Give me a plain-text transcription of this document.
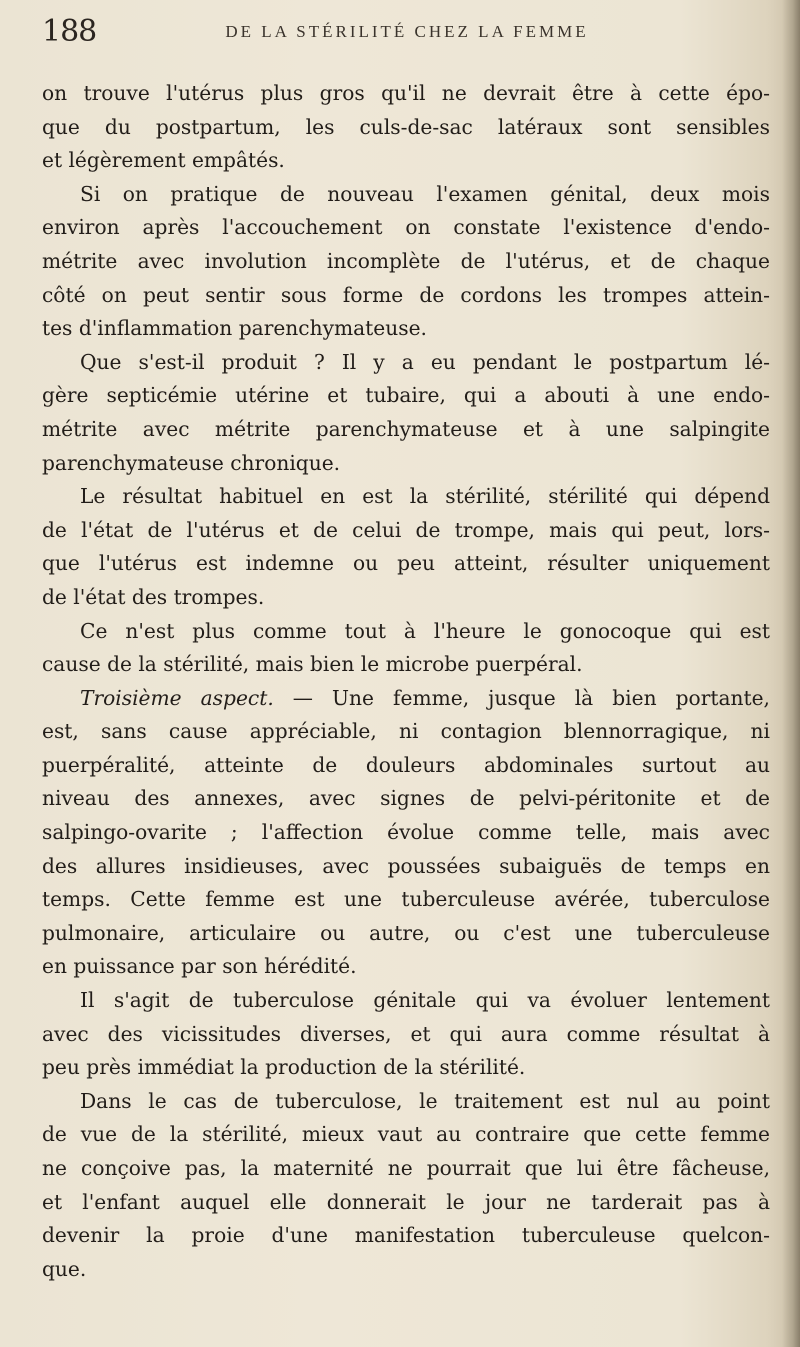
188	DE LA STÉRILITÉ CHEZ LA FEMME
on trouve l'utérus plus gros qu'il ne devrait être à cette épo-
que du postpartum, les culs-de-sac latéraux sont sensibles
et légèrement empâtés.
Si on pratique de nouveau l'examen génital, deux mois
environ après l'accouchement on constate l'existence d'endo-
métrite avec involution incomplète de l'utérus, et de chaque
côté on peut sentir sous forme de cordons les trompes attein-
tes d'inflammation parenchymateuse.
Que s'est-il produit ? Il y a eu pendant le postpartum lé-
gère septicémie utérine et tubaire, qui a abouti à une endo-
métrite avec métrite parenchymateuse et à une salpingite
parenchymateuse chronique.
Le résultat habituel en est la stérilité, stérilité qui dépend
de l'état de l'utérus et de celui de trompe, mais qui peut, lors-
que l'utérus est indemne ou peu atteint, résulter uniquement
de l'état des trompes.
Ce n'est plus comme tout à l'heure le gonocoque qui est
cause de la stérilité, mais bien le microbe puerpéral.
Troisième aspect. — Une femme, jusque là bien portante,
est, sans cause appréciable, ni contagion blennorragique, ni
puerpéralité, atteinte de douleurs abdominales surtout au
niveau des annexes, avec signes de pelvi-péritonite et de
salpingo-ovarite ; l'affection évolue comme telle, mais avec
des allures insidieuses, avec poussées subaiguës de temps en
temps. Cette femme est une tuberculeuse avérée, tuberculose
pulmonaire, articulaire ou autre, ou c'est une tuberculeuse
en puissance par son hérédité.
Il s'agit de tuberculose génitale qui va évoluer lentement
avec des vicissitudes diverses, et qui aura comme résultat à
peu près immédiat la production de la stérilité.
Dans le cas de tuberculose, le traitement est nul au point
de vue de la stérilité, mieux vaut au contraire que cette femme
ne conçoive pas, la maternité ne pourrait que lui être fâcheuse,
et l'enfant auquel elle donnerait le jour ne tarderait pas à
devenir la proie d'une manifestation tuberculeuse quelcon-
que.
